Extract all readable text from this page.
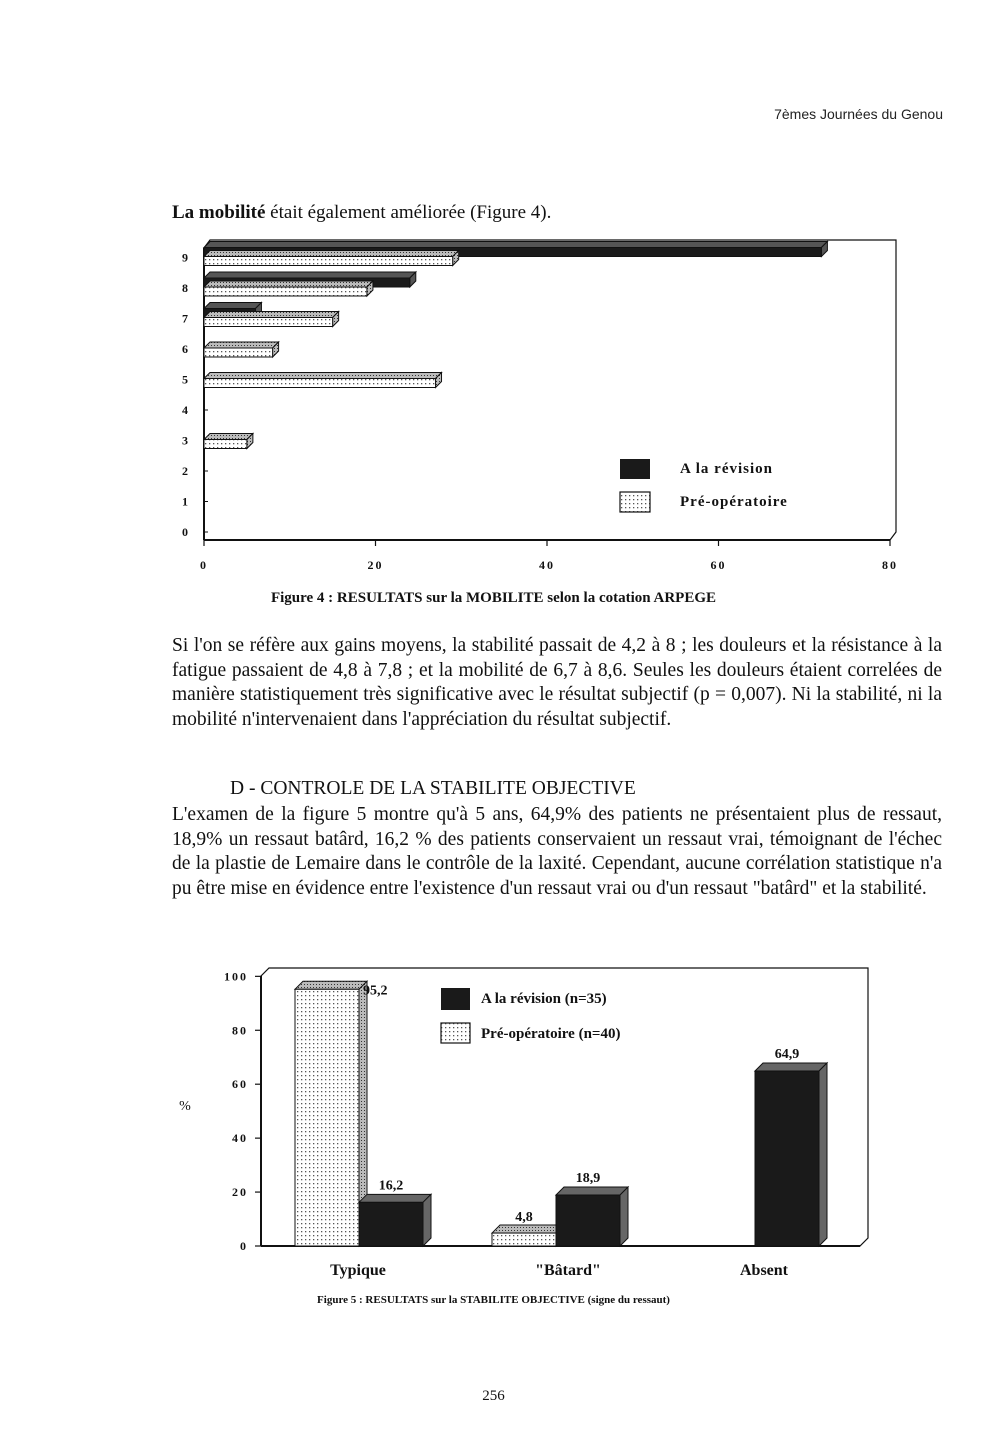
7èmes Journées du Genou
La mobilité était également améliorée (Figure 4).
0
1
2
3
4
5
6
7
8
9
0	20	40	60	80
A la révision
Pré-opératoire
Figure 4 : RESULTATS sur la MOBILITE selon la cotation ARPEGE
Si l'on se réfère aux gains moyens, la stabilité passait de 4,2 à 8 ; les douleurs et la résistance à la fatigue passaient de 4,8 à 7,8 ; et la mobilité de 6,7 à 8,6. Seules les douleurs étaient correlées de manière statistiquement très significative avec le résultat subjectif (p = 0,007). Ni la stabilité, ni la mobilité n'intervenaient dans l'appréciation du résultat subjectif.
D - CONTROLE DE LA STABILITE OBJECTIVE
L'examen de la figure 5 montre qu'à 5 ans, 64,9% des patients ne présentaient plus de ressaut, 18,9% un ressaut batârd, 16,2 % des patients conservaient un ressaut vrai, témoignant de l'échec de la plastie de Lemaire dans le contrôle de la laxité. Cependant, aucune corrélation statistique n'a pu être mise en évidence entre l'existence d'un ressaut vrai ou d'un ressaut "batârd" et la stabilité.
0
20
40
60
80
100
%
95,2
16,2
Typique
4,8
18,9
"Bâtard"
64,9
Absent
A la révision (n=35)
Pré-opératoire (n=40)
Figure 5 : RESULTATS sur la STABILITE OBJECTIVE (signe du ressaut)
256
